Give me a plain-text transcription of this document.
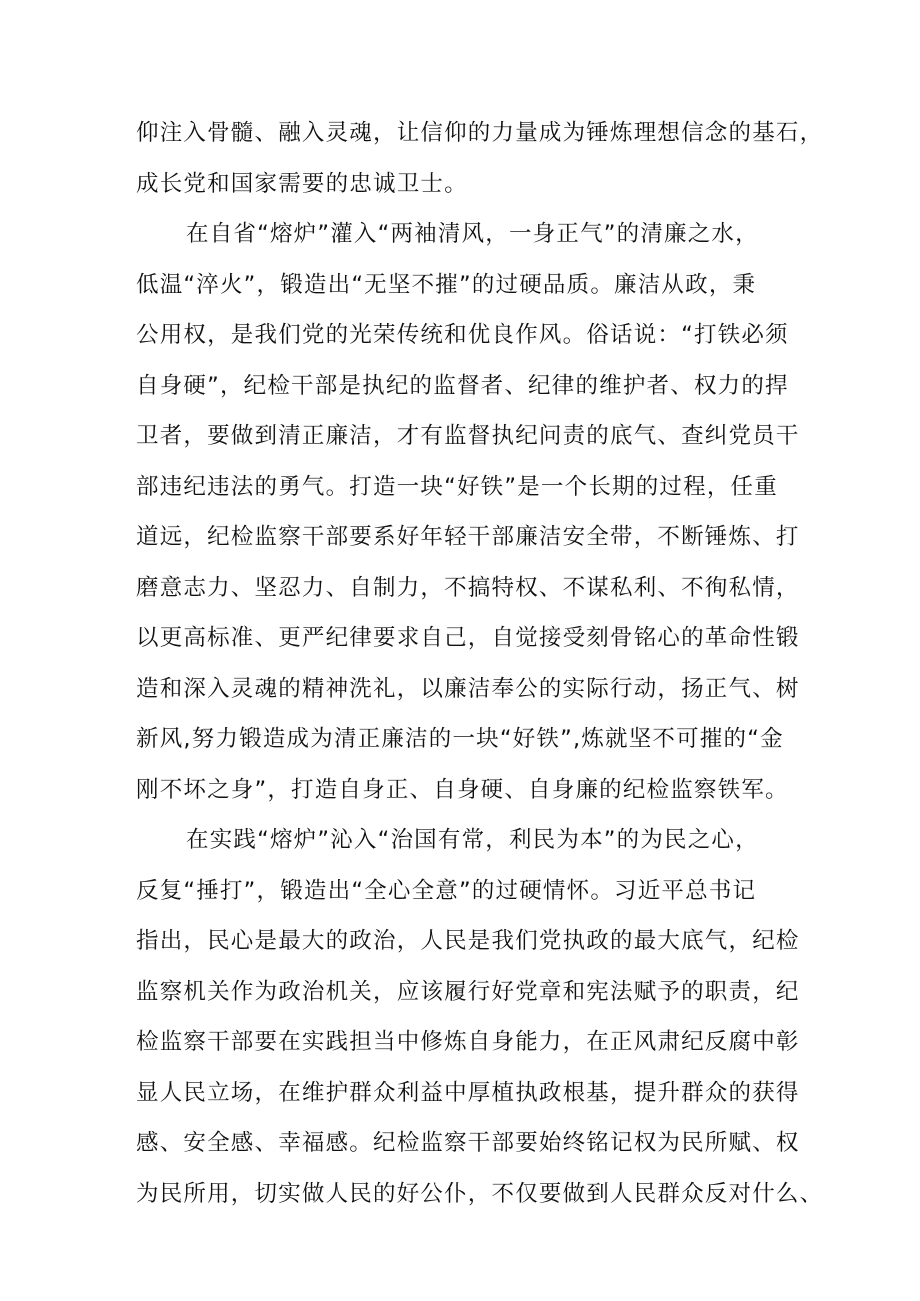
仰注入骨髓、融入灵魂，让信仰的力量成为锤炼理想信念的基石，
成长党和国家需要的忠诚卫士。
在自省“熔炉”灌入“两袖清风，一身正气”的清廉之水，
低温“淬火”，锻造出“无坚不摧”的过硬品质。廉洁从政，秉
公用权，是我们党的光荣传统和优良作风。俗话说：“打铁必须
自身硬”，纪检干部是执纪的监督者、纪律的维护者、权力的捍
卫者，要做到清正廉洁，才有监督执纪问责的底气、查纠党员干
部违纪违法的勇气。打造一块“好铁”是一个长期的过程，任重
道远，纪检监察干部要系好年轻干部廉洁安全带，不断锤炼、打
磨意志力、坚忍力、自制力，不搞特权、不谋私利、不徇私情，
以更高标准、更严纪律要求自己，自觉接受刻骨铭心的革命性锻
造和深入灵魂的精神洗礼，以廉洁奉公的实际行动，扬正气、树
新风,努力锻造成为清正廉洁的一块“好铁”,炼就坚不可摧的“金
刚不坏之身”，打造自身正、自身硬、自身廉的纪检监察铁军。
在实践“熔炉”沁入“治国有常，利民为本”的为民之心，
反复“捶打”，锻造出“全心全意”的过硬情怀。习近平总书记
指出，民心是最大的政治，人民是我们党执政的最大底气，纪检
监察机关作为政治机关，应该履行好党章和宪法赋予的职责，纪
检监察干部要在实践担当中修炼自身能力，在正风肃纪反腐中彰
显人民立场，在维护群众利益中厚植执政根基，提升群众的获得
感、安全感、幸福感。纪检监察干部要始终铭记权为民所赋、权
为民所用，切实做人民的好公仆，不仅要做到人民群众反对什么、
